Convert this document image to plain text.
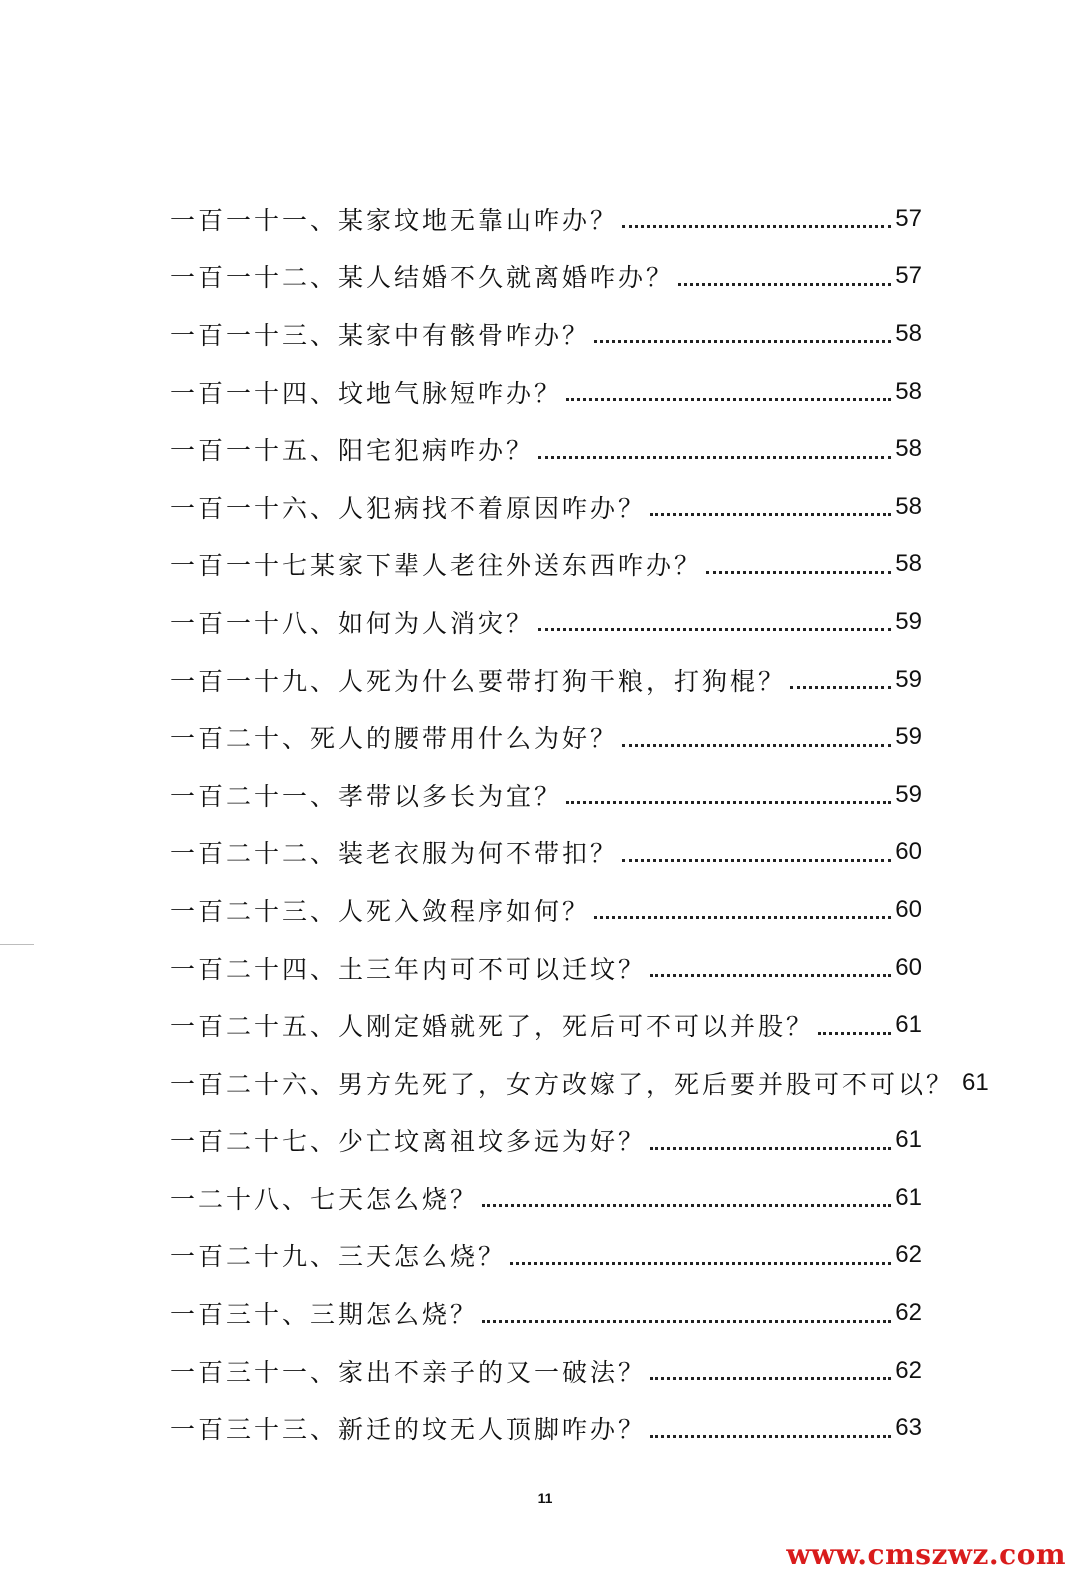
一百一十一、某家坟地无靠山咋办？	57
一百一十二、某人结婚不久就离婚咋办？	57
一百一十三、某家中有骸骨咋办？	58
一百一十四、坟地气脉短咋办？	58
一百一十五、阳宅犯病咋办？	58
一百一十六、人犯病找不着原因咋办？	58
一百一十七某家下辈人老往外送东西咋办？	58
一百一十八、如何为人消灾？	59
一百一十九、人死为什么要带打狗干粮，打狗棍？	59
一百二十、死人的腰带用什么为好？	59
一百二十一、孝带以多长为宜？	59
一百二十二、装老衣服为何不带扣？	60
一百二十三、人死入敛程序如何？	60
一百二十四、土三年内可不可以迁坟？	60
一百二十五、人刚定婚就死了，死后可不可以并股？	61
一百二十六、男方先死了，女方改嫁了，死后要并股可不可以？ 61
一百二十七、少亡坟离祖坟多远为好？	61
一二十八、七天怎么烧？	61
一百二十九、三天怎么烧？	62
一百三十、三期怎么烧？	62
一百三十一、家出不亲子的又一破法？	62
一百三十三、新迁的坟无人顶脚咋办？	63
11
www.cmszwz.com
